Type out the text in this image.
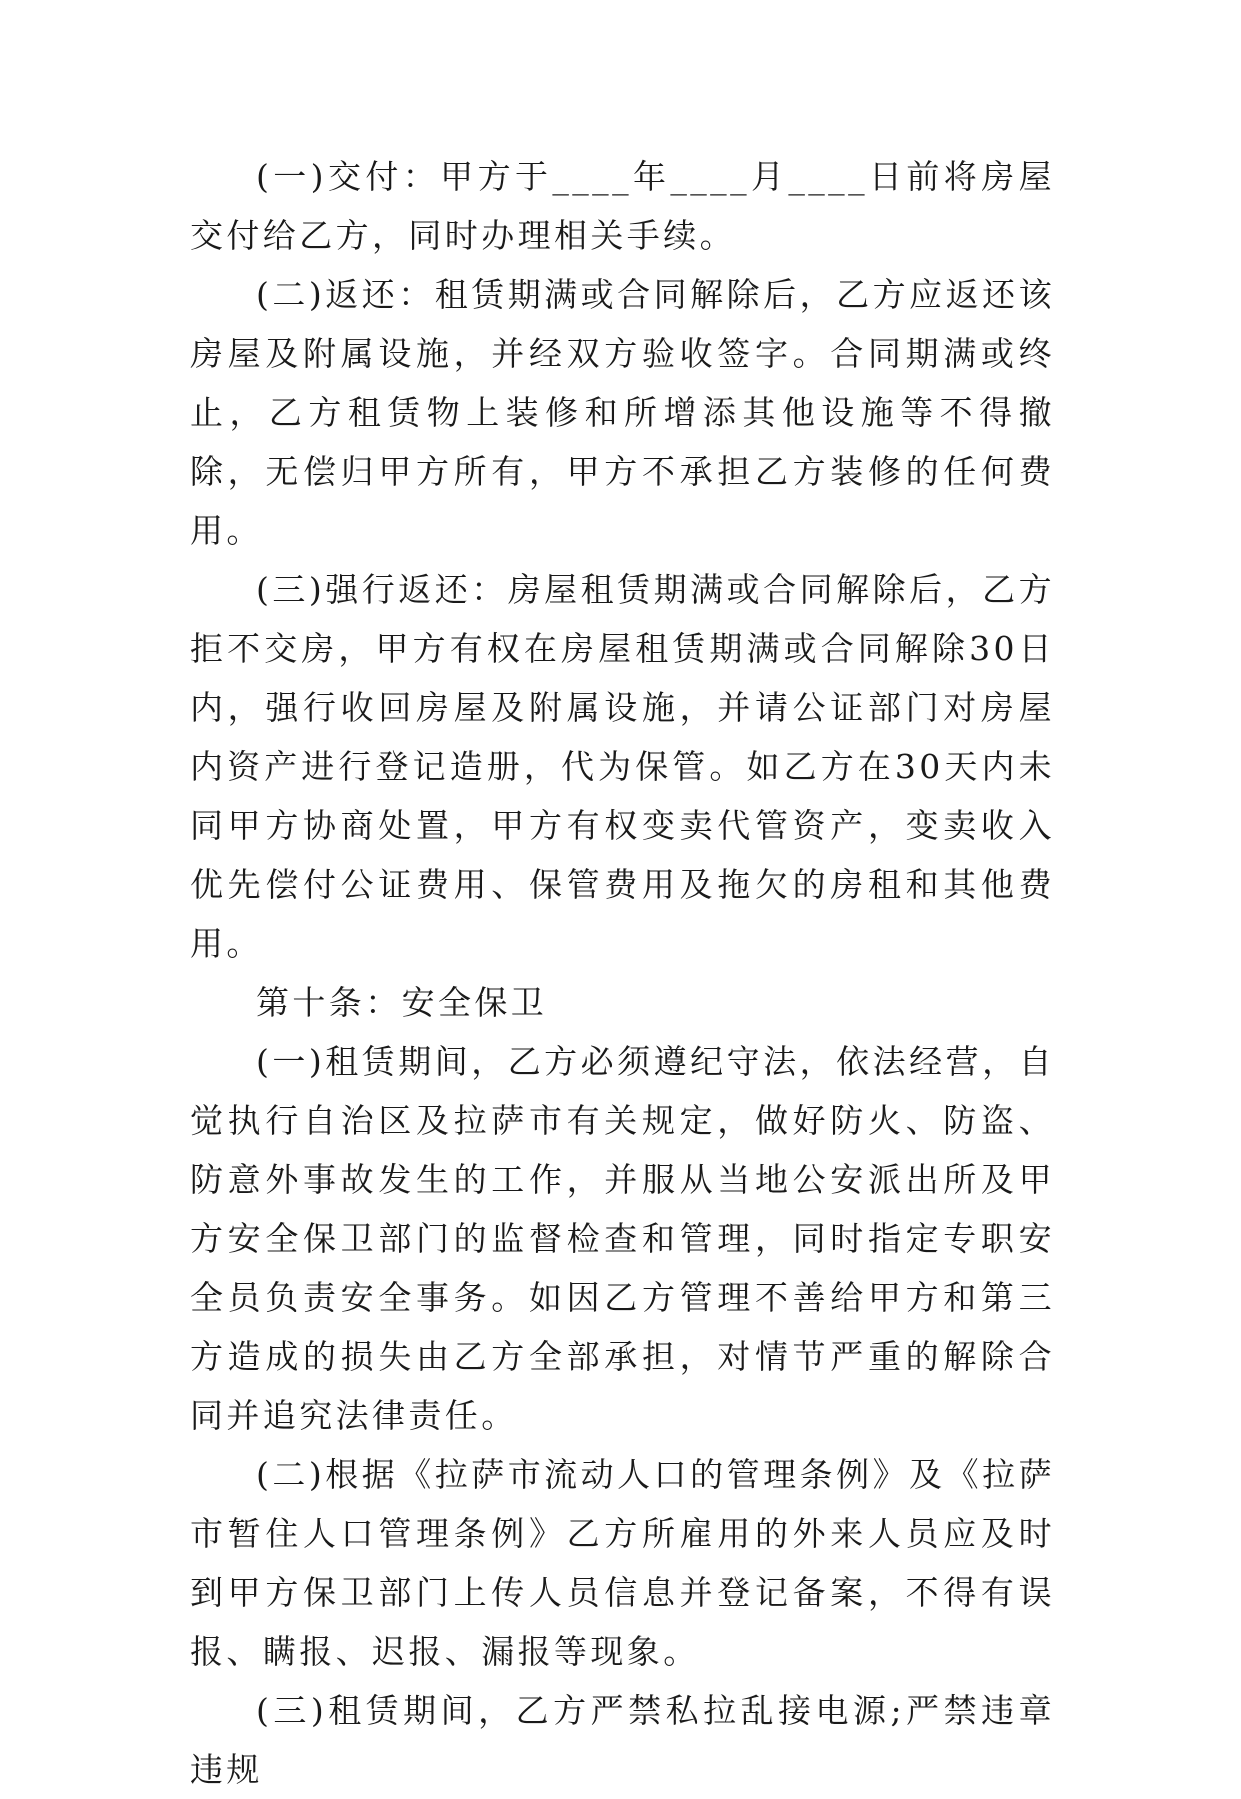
(一)交付：甲方于____年____月____日前将房屋交付给乙方，同时办理相关手续。

(二)返还：租赁期满或合同解除后，乙方应返还该房屋及附属设施，并经双方验收签字。合同期满或终止，乙方租赁物上装修和所增添其他设施等不得撤除，无偿归甲方所有，甲方不承担乙方装修的任何费用。

(三)强行返还：房屋租赁期满或合同解除后，乙方拒不交房，甲方有权在房屋租赁期满或合同解除30日内，强行收回房屋及附属设施，并请公证部门对房屋内资产进行登记造册，代为保管。如乙方在30天内未同甲方协商处置，甲方有权变卖代管资产，变卖收入优先偿付公证费用、保管费用及拖欠的房租和其他费用。

第十条：安全保卫

(一)租赁期间，乙方必须遵纪守法，依法经营，自觉执行自治区及拉萨市有关规定，做好防火、防盗、防意外事故发生的工作，并服从当地公安派出所及甲方安全保卫部门的监督检查和管理，同时指定专职安全员负责安全事务。如因乙方管理不善给甲方和第三方造成的损失由乙方全部承担，对情节严重的解除合同并追究法律责任。

(二)根据《拉萨市流动人口的管理条例》及《拉萨市暂住人口管理条例》乙方所雇用的外来人员应及时到甲方保卫部门上传人员信息并登记备案，不得有误报、瞒报、迟报、漏报等现象。

(三)租赁期间，乙方严禁私拉乱接电源;严禁违章违规
